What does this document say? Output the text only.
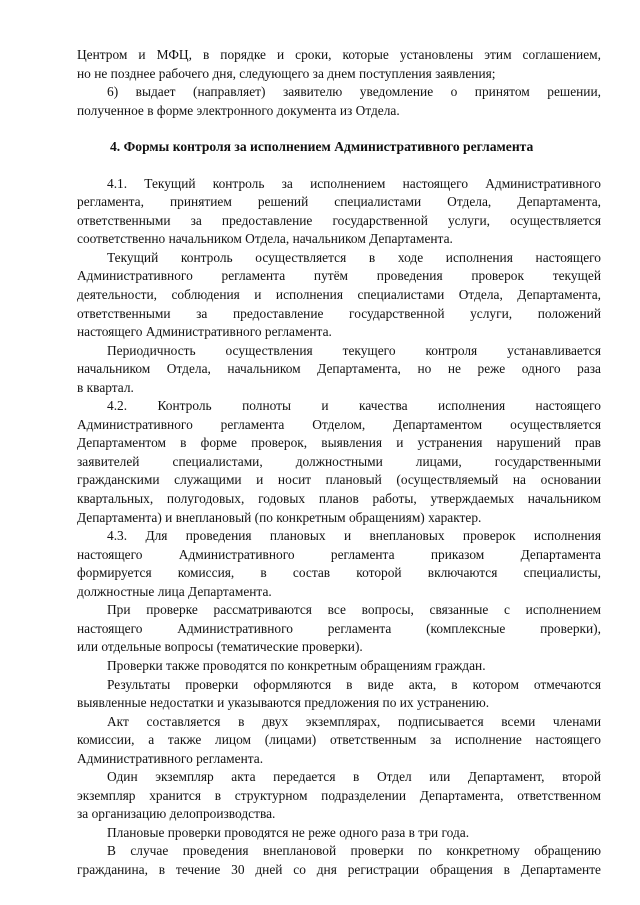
Центром и МФЦ, в порядке и сроки, которые установлены этим соглашением,
но не позднее рабочего дня, следующего за днем поступления заявления;
6) выдает (направляет) заявителю уведомление о принятом решении,
полученное в форме электронного документа из Отдела.
4. Формы контроля за исполнением Административного регламента
4.1. Текущий контроль за исполнением настоящего Административного
регламента, принятием решений специалистами Отдела, Департамента,
ответственными за предоставление государственной услуги, осуществляется
соответственно начальником Отдела, начальником Департамента.
Текущий контроль осуществляется в ходе исполнения настоящего
Административного регламента путём проведения проверок текущей
деятельности, соблюдения и исполнения специалистами Отдела, Департамента,
ответственными за предоставление государственной услуги, положений
настоящего Административного регламента.
Периодичность осуществления текущего контроля устанавливается
начальником Отдела, начальником Департамента, но не реже одного раза
в квартал.
4.2. Контроль полноты и качества исполнения настоящего
Административного регламента Отделом, Департаментом осуществляется
Департаментом в форме проверок, выявления и устранения нарушений прав
заявителей специалистами, должностными лицами, государственными
гражданскими служащими и носит плановый (осуществляемый на основании
квартальных, полугодовых, годовых планов работы, утверждаемых начальником
Департамента) и внеплановый (по конкретным обращениям) характер.
4.3. Для проведения плановых и внеплановых проверок исполнения
настоящего Административного регламента приказом Департамента
формируется комиссия, в состав которой включаются специалисты,
должностные лица Департамента.
При проверке рассматриваются все вопросы, связанные с исполнением
настоящего Административного регламента (комплексные проверки),
или отдельные вопросы (тематические проверки).
Проверки также проводятся по конкретным обращениям граждан.
Результаты проверки оформляются в виде акта, в котором отмечаются
выявленные недостатки и указываются предложения по их устранению.
Акт составляется в двух экземплярах, подписывается всеми членами
комиссии, а также лицом (лицами) ответственным за исполнение настоящего
Административного регламента.
Один экземпляр акта передается в Отдел или Департамент, второй
экземпляр хранится в структурном подразделении Департамента, ответственном
за организацию делопроизводства.
Плановые проверки проводятся не реже одного раза в три года.
В случае проведения внеплановой проверки по конкретному обращению
гражданина, в течение 30 дней со дня регистрации обращения в Департаменте
